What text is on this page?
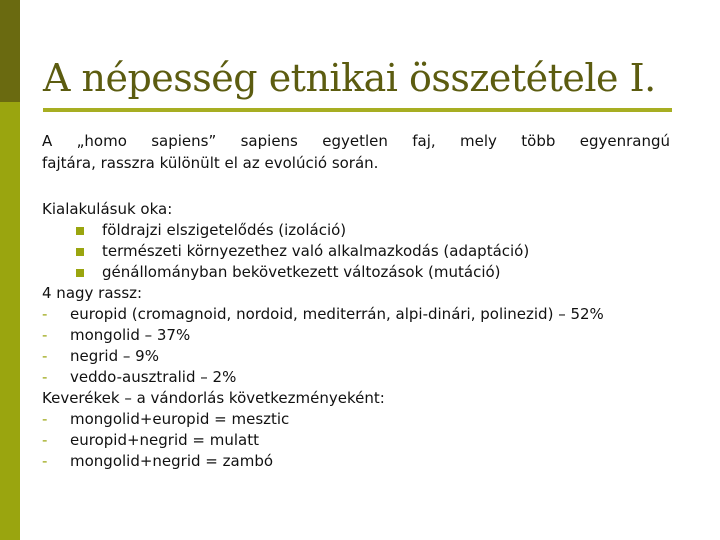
A népesség etnikai összetétele I.
A „homo sapiens” sapiens egyetlen faj, mely több egyenrangú
fajtára, rasszra különült el az evolúció során.
Kialakulásuk oka:
földrajzi elszigetelődés (izoláció)
természeti környezethez való alkalmazkodás (adaptáció)
génállományban bekövetkezett változások (mutáció)
4 nagy rassz:
- europid (cromagnoid, nordoid, mediterrán, alpi-dinári, polinezid) – 52%
- mongolid – 37%
- negrid – 9%
- veddo-ausztralid – 2%
Keverékek – a vándorlás következményeként:
- mongolid+europid = mesztic
- europid+negrid = mulatt
- mongolid+negrid = zambó
